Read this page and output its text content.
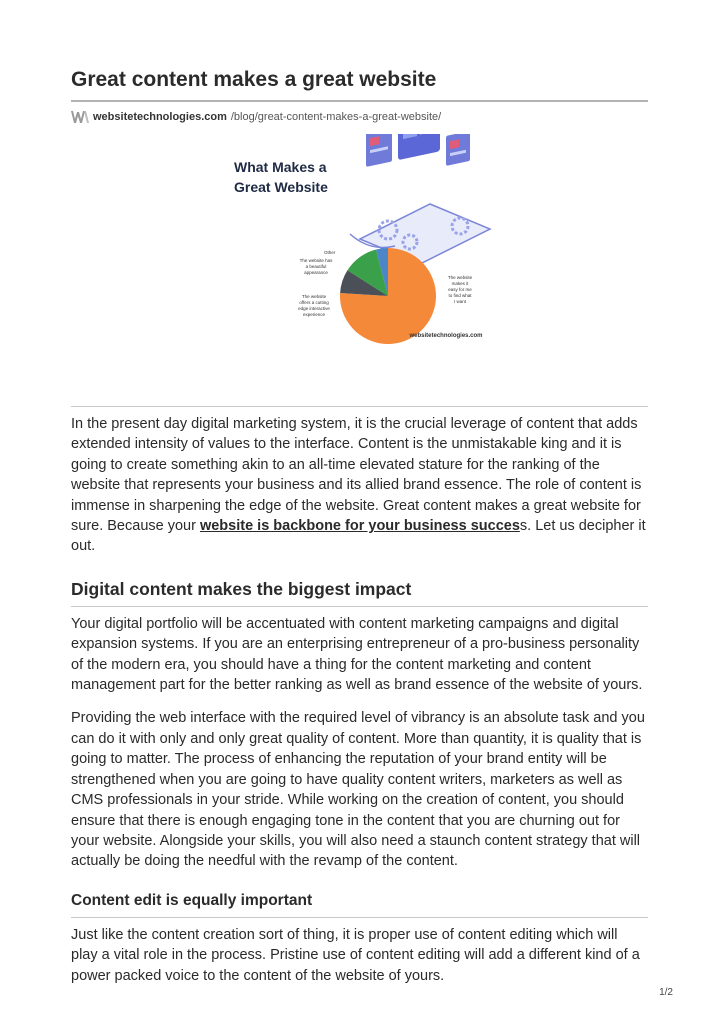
Great content makes a great website
websitetechnologies.com /blog/great-content-makes-a-great-website/
What Makes a
Great Website
Other
The website has
a beautiful
appearance
The website
offers a cutting
edge interactive
experience
The website
makes it
easy for me
to find what
I want
websitetechnologies.com

In the present day digital marketing system, it is the crucial leverage of content that adds extended intensity of values to the interface. Content is the unmistakable king and it is going to create something akin to an all-time elevated stature for the ranking of the website that represents your business and its allied brand essence. The role of content is immense in sharpening the edge of the website. Great content makes a great website for sure. Because your website is backbone for your business success. Let us decipher it out.

Digital content makes the biggest impact

Your digital portfolio will be accentuated with content marketing campaigns and digital expansion systems. If you are an enterprising entrepreneur of a pro-business personality of the modern era, you should have a thing for the content marketing and content management part for the better ranking as well as brand essence of the website of yours.

Providing the web interface with the required level of vibrancy is an absolute task and you can do it with only and only great quality of content. More than quantity, it is quality that is going to matter. The process of enhancing the reputation of your brand entity will be strengthened when you are going to have quality content writers, marketers as well as CMS professionals in your stride. While working on the creation of content, you should ensure that there is enough engaging tone in the content that you are churning out for your website. Alongside your skills, you will also need a staunch content strategy that will actually be doing the needful with the revamp of the content.

Content edit is equally important

Just like the content creation sort of thing, it is proper use of content editing which will play a vital role in the process. Pristine use of content editing will add a different kind of a power packed voice to the content of the website of yours.

1/2
